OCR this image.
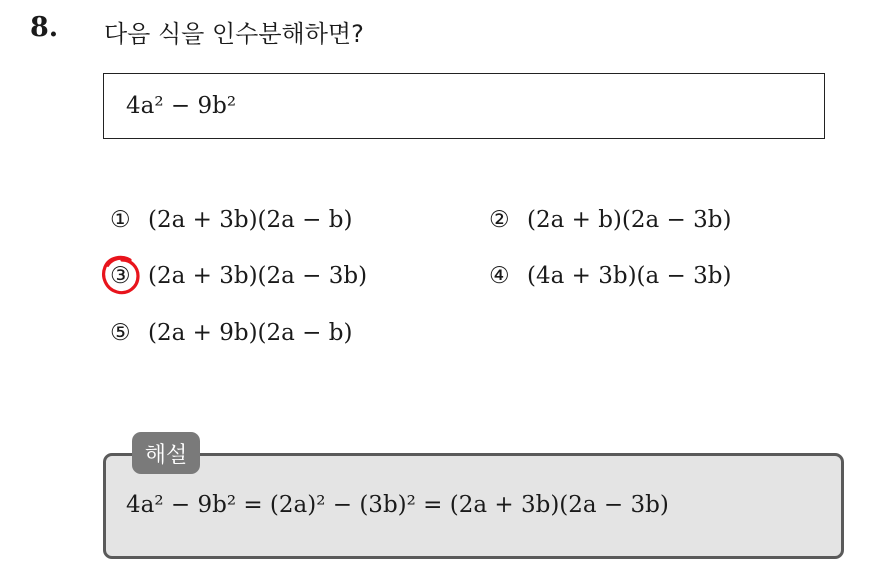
8. 다음 식을 인수분해하면?
4a² − 9b²
① (2a + 3b)(2a − b)	② (2a + b)(2a − 3b)
③ (2a + 3b)(2a − 3b)	④ (4a + 3b)(a − 3b)
⑤ (2a + 9b)(2a − b)
해설
4a² − 9b² = (2a)² − (3b)² = (2a + 3b)(2a − 3b)
